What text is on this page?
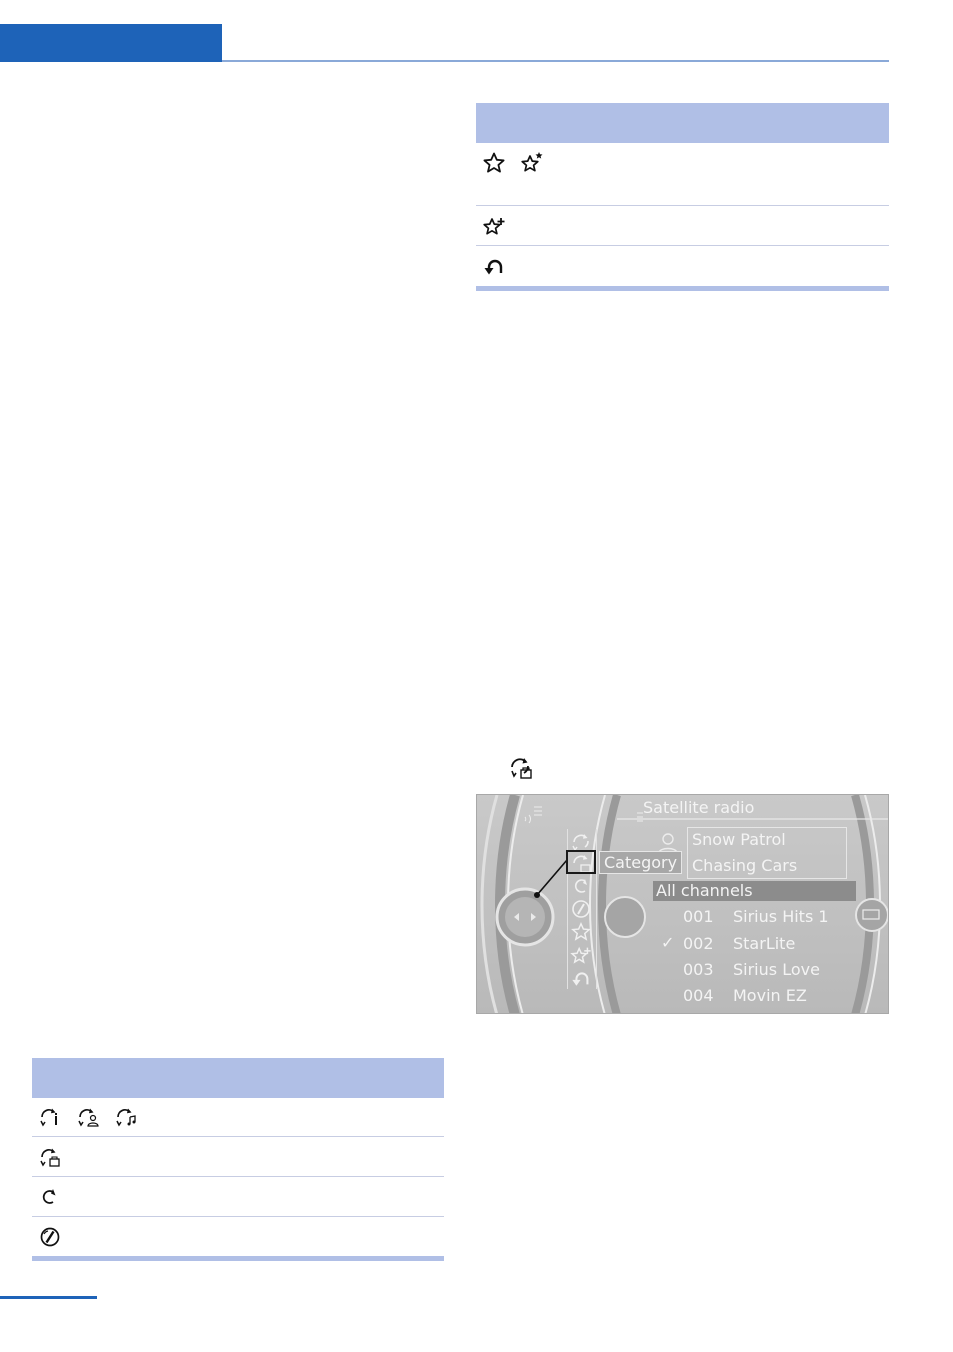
Satellite radio
Snow Patrol
Chasing Cars
Category
All channels
001 Sirius Hits 1
✓ 002 StarLite
003 Sirius Love
004 Movin EZ
